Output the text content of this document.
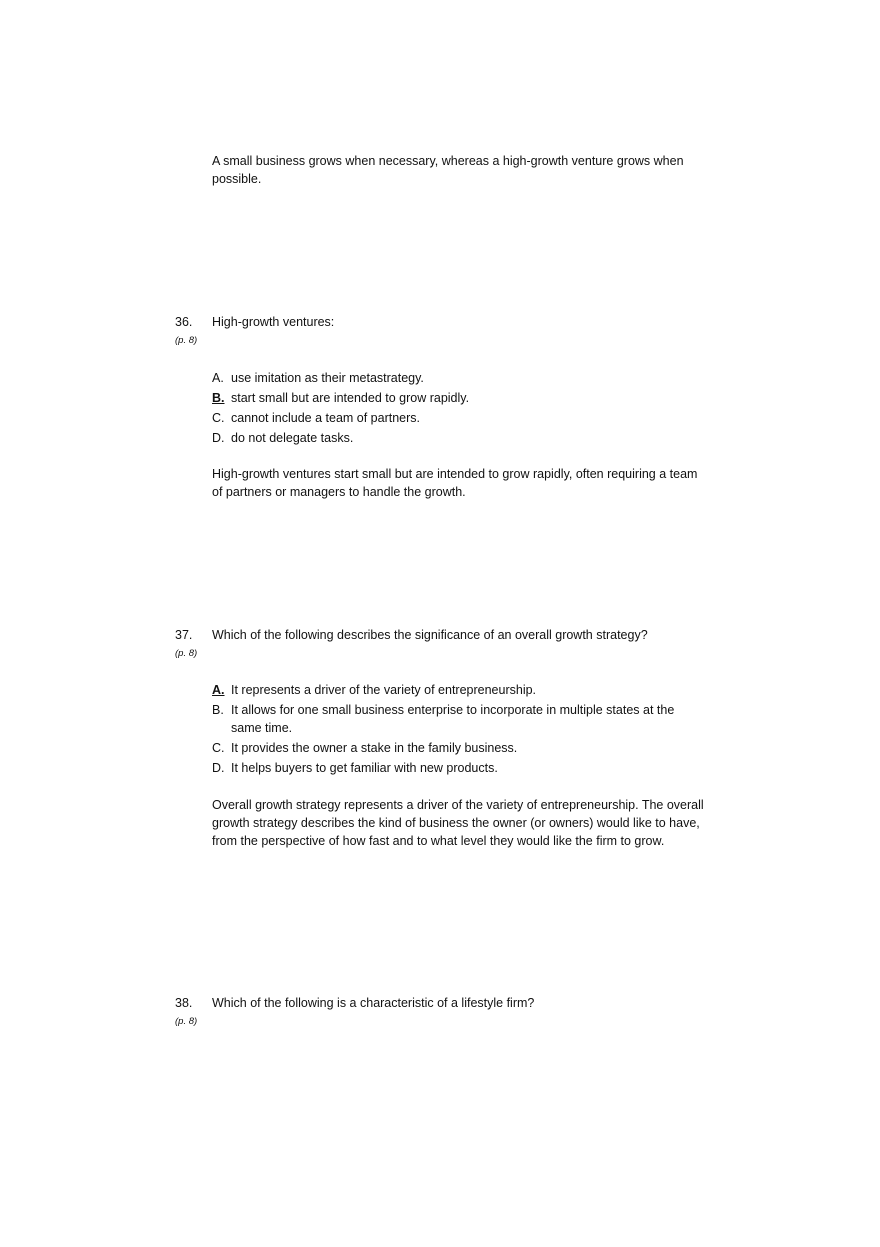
A small business grows when necessary, whereas a high-growth venture grows when possible.
36.
(p. 8)
High-growth ventures:
A. use imitation as their metastrategy.
B. start small but are intended to grow rapidly.
C. cannot include a team of partners.
D. do not delegate tasks.
High-growth ventures start small but are intended to grow rapidly, often requiring a team of partners or managers to handle the growth.
37.
(p. 8)
Which of the following describes the significance of an overall growth strategy?
A. It represents a driver of the variety of entrepreneurship.
B. It allows for one small business enterprise to incorporate in multiple states at the same time.
C. It provides the owner a stake in the family business.
D. It helps buyers to get familiar with new products.
Overall growth strategy represents a driver of the variety of entrepreneurship. The overall growth strategy describes the kind of business the owner (or owners) would like to have, from the perspective of how fast and to what level they would like the firm to grow.
38.
(p. 8)
Which of the following is a characteristic of a lifestyle firm?
